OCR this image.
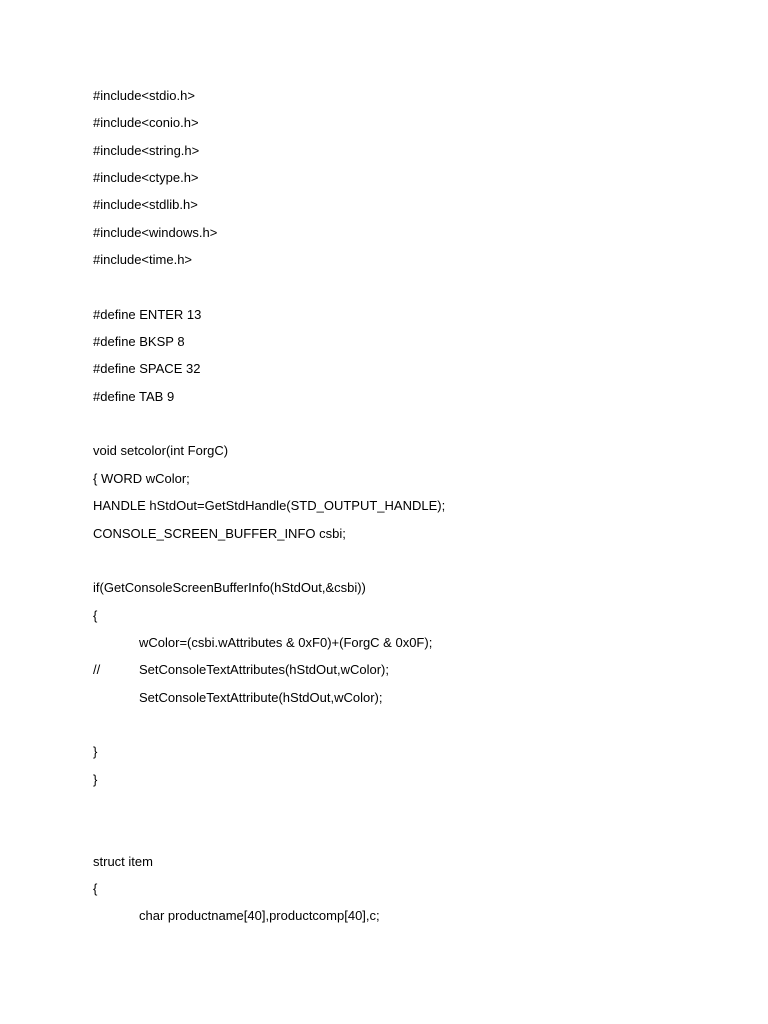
#include<stdio.h>
#include<conio.h>
#include<string.h>
#include<ctype.h>
#include<stdlib.h>
#include<windows.h>
#include<time.h>
#define ENTER 13
#define BKSP 8
#define SPACE 32
#define TAB 9
void setcolor(int ForgC)
{ WORD wColor;
HANDLE hStdOut=GetStdHandle(STD_OUTPUT_HANDLE);
CONSOLE_SCREEN_BUFFER_INFO csbi;
if(GetConsoleScreenBufferInfo(hStdOut,&csbi))
{
wColor=(csbi.wAttributes & 0xF0)+(ForgC & 0x0F);
//	SetConsoleTextAttributes(hStdOut,wColor);
SetConsoleTextAttribute(hStdOut,wColor);
}
}
struct item
{
char productname[40],productcomp[40],c;
